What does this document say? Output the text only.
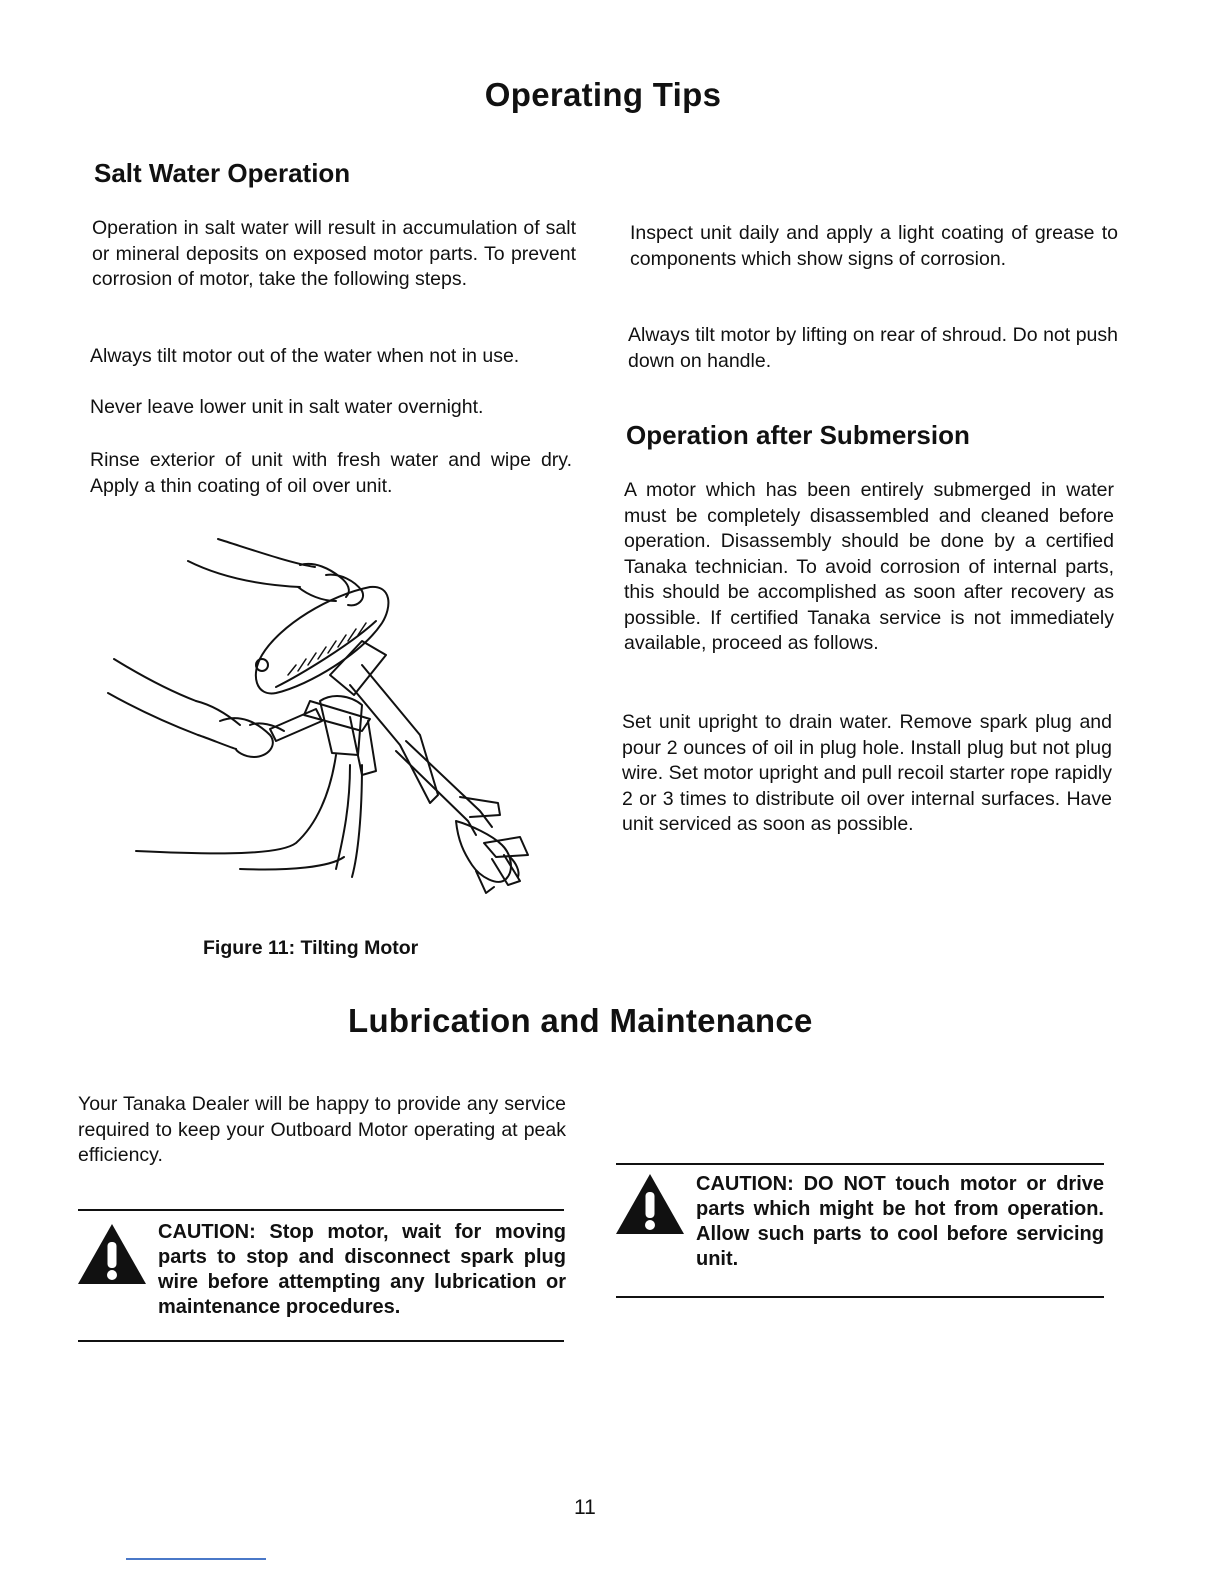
Operating Tips
Salt Water Operation

Operation in salt water will result in accumulation of salt or mineral deposits on exposed motor parts. To prevent corrosion of motor, take the following steps.

Always tilt motor out of the water when not in use.

Never leave lower unit in salt water overnight.

Rinse exterior of unit with fresh water and wipe dry. Apply a thin coating of oil over unit.

Figure 11: Tilting Motor

Inspect unit daily and apply a light coating of grease to components which show signs of corrosion.

Always tilt motor by lifting on rear of shroud. Do not push down on handle.

Operation after Submersion

A motor which has been entirely submerged in water must be completely disassembled and cleaned before operation. Disassembly should be done by a certified Tanaka technician. To avoid corrosion of internal parts, this should be accomplished as soon after recovery as possible. If certified Tanaka service is not immediately available, proceed as follows.

Set unit upright to drain water. Remove spark plug and pour 2 ounces of oil in plug hole. Install plug but not plug wire. Set motor upright and pull recoil starter rope rapidly 2 or 3 times to distribute oil over internal surfaces. Have unit serviced as soon as possible.

Lubrication and Maintenance

Your Tanaka Dealer will be happy to provide any service required to keep your Outboard Motor operating at peak efficiency.

CAUTION: Stop motor, wait for moving parts to stop and disconnect spark plug wire before attempting any lubrication or maintenance procedures.

CAUTION: DO NOT touch motor or drive parts which might be hot from operation. Allow such parts to cool before servicing unit.

11
